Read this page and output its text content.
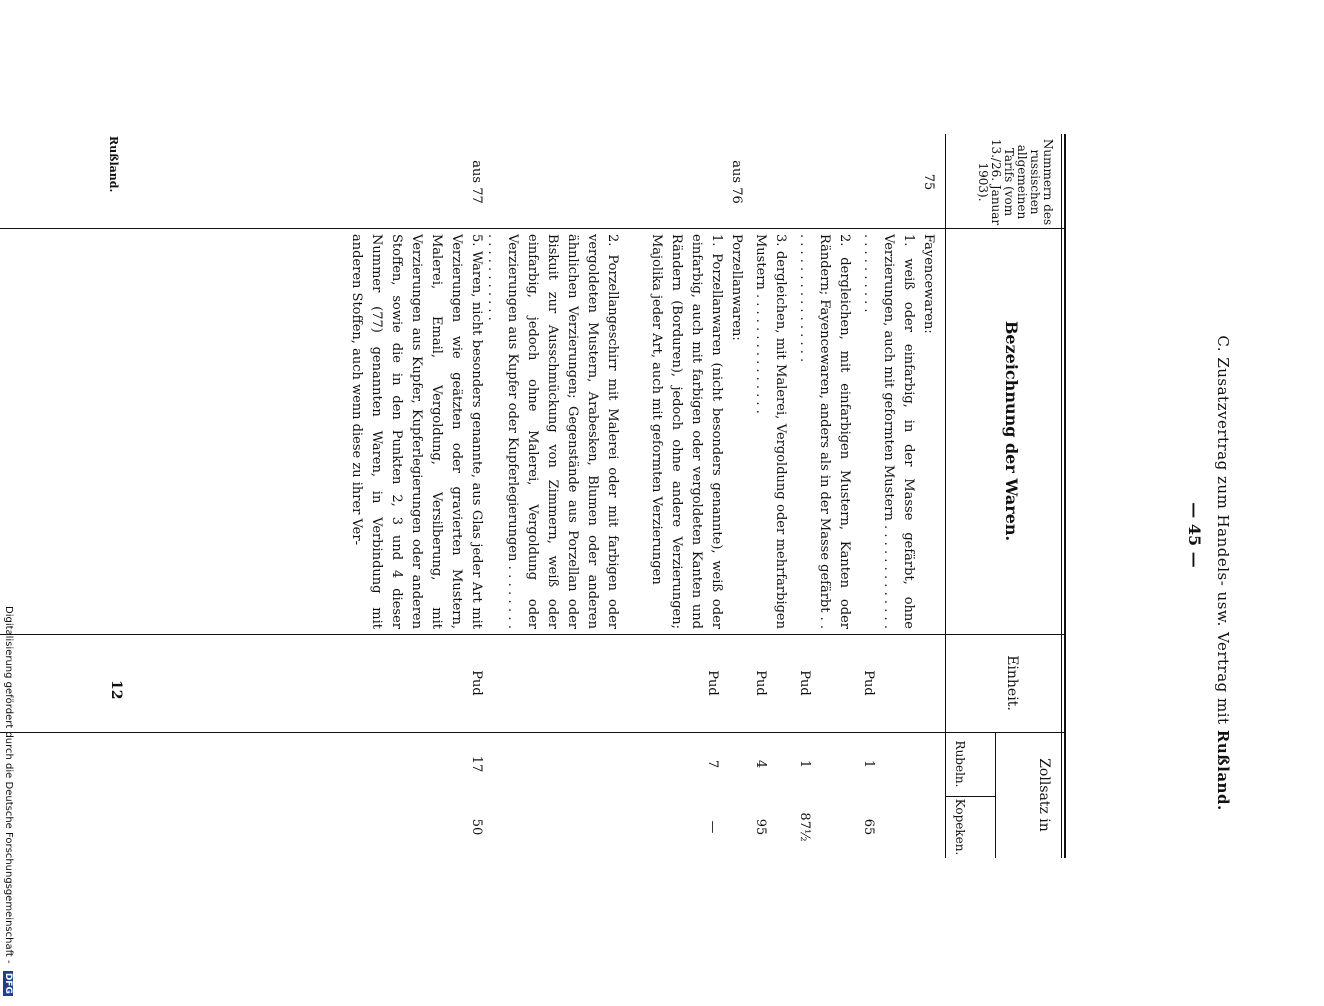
C. Zusatzvertrag zum Handels- usw. Vertrag mit Rußland.
— 45 —
Nummern des russischen allgemeinen Tarifs (vom 13./26. Januar 1903).
Bezeichnung der Waren.
Einheit.
Zollsatz in
Rubeln.
Kopeken.
75

Fayencewaren:

1. weiß oder einfarbig, in der Masse gefärbt, ohne Verzierungen, auch mit geformten Mustern . . . . . . . . . . . . . . . . . . . . . . .
Pud
1
65
2. dergleichen, mit einfarbigen Mustern, Kanten oder Rändern; Fayencewaren, anders als in der Masse gefärbt . . . . . . . . . . . . . . . . . .
Pud
1
87½
3. dergleichen, mit Malerei, Vergoldung oder mehrfarbigen Mustern . . . . . . . . . . . . . . .
Pud
4
95
aus 76

Porzellanwaren:

1. Porzellanwaren (nicht besonders genannte), weiß oder einfarbig, auch mit farbigen oder vergoldeten Kanten und Rändern (Borduren), jedoch ohne andere Verzierungen; Majolika jeder Art, auch mit geformten Verzierungen
2. Porzellangeschirr mit Malerei oder mit farbigen oder vergoldeten Mustern, Arabesken, Blumen oder anderen ähnlichen Verzierungen; Gegenstände aus Porzellan oder Biskuit zur Ausschmückung von Zimmern, weiß oder einfarbig, jedoch ohne Malerei, Vergoldung oder Verzierungen aus Kupfer oder Kupferlegierungen . . . . . . . . . . . . . . . . . . .
Pud
7
—
aus 77
5. Waren, nicht besonders genannte, aus Glas jeder Art mit Verzierungen wie geätzten oder gravierten Mustern, Malerei, Email, Vergoldung, Versilberung, mit Verzierungen aus Kupfer, Kupferlegierungen oder anderen Stoffen, sowie die in den Punkten 2, 3 und 4 dieser Nummer (77) genannten Waren, in Verbindung mit anderen Stoffen, auch wenn diese zu ihrer Ver-
Pud
17
50
Rußland.
12
Digitalisierung gefördert durch die Deutsche Forschungsgemeinschaft - DFG
